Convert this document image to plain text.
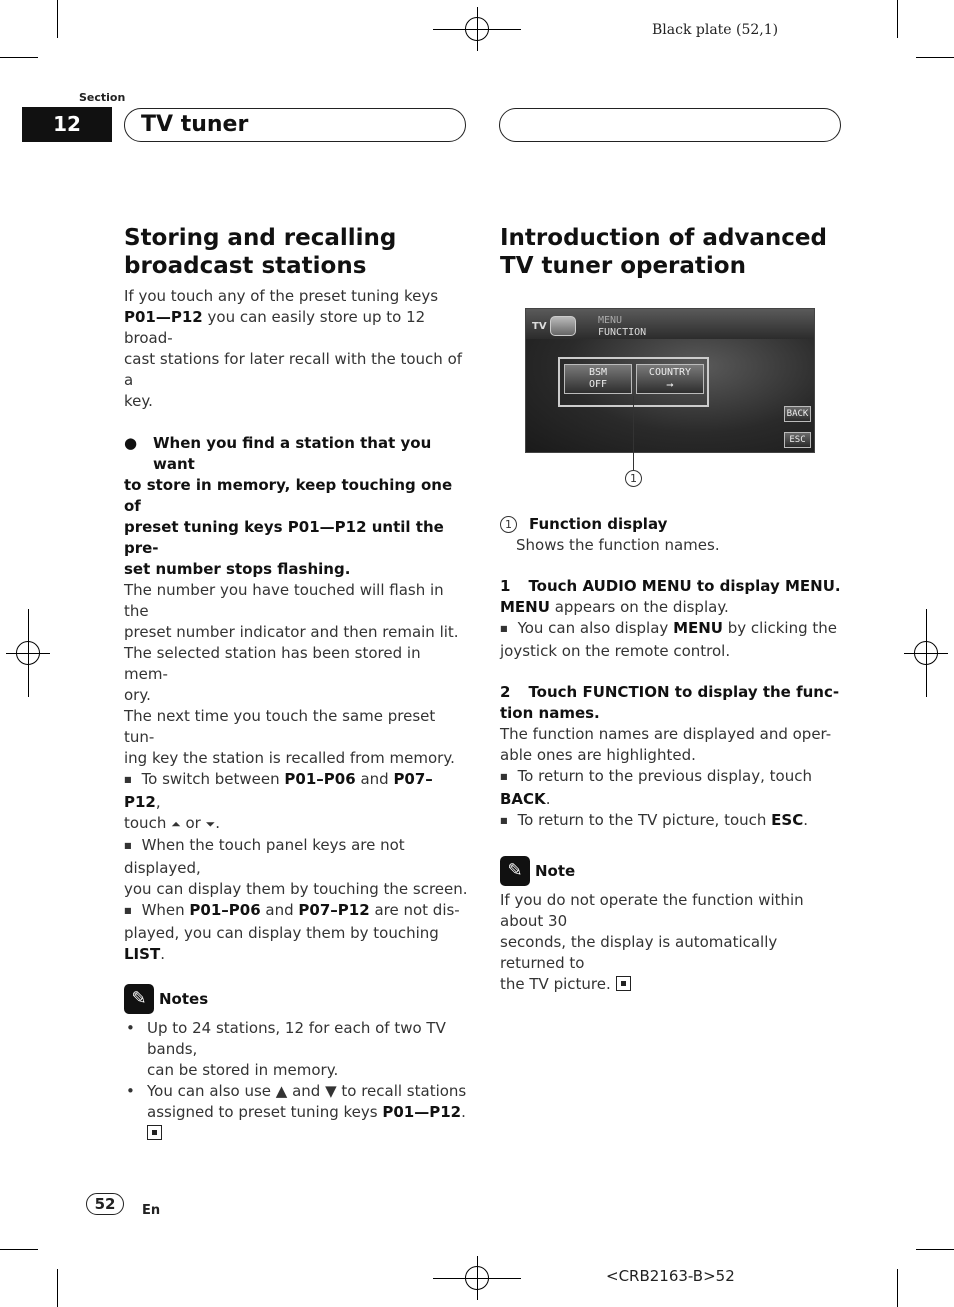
Black plate (52,1)
Section
12	TV tuner
Storing and recalling
broadcast stations
If you touch any of the preset tuning keys
P01—P12 you can easily store up to 12 broad-
cast stations for later recall with the touch of a
key.
●	When you find a station that you want
to store in memory, keep touching one of
preset tuning keys P01—P12 until the pre-
set number stops flashing.
The number you have touched will flash in the
preset number indicator and then remain lit.
The selected station has been stored in mem-
ory.
The next time you touch the same preset tun-
ing key the station is recalled from memory.
■ To switch between P01–P06 and P07–P12,
touch ⏶ or ⏷.
■ When the touch panel keys are not displayed,
you can display them by touching the screen.
■ When P01–P06 and P07–P12 are not dis-
played, you can display them by touching LIST.
✎ Notes
• Up to 24 stations, 12 for each of two TV bands,
can be stored in memory.
• You can also use ▲ and ▼ to recall stations
assigned to preset tuning keys P01—P12.
Introduction of advanced
TV tuner operation
TV
MENU
FUNCTION
BSM
OFF
COUNTRY
➞
BACK
ESC
1
1	Function display
Shows the function names.
1 Touch AUDIO MENU to display MENU.
MENU appears on the display.
■ You can also display MENU by clicking the
joystick on the remote control.
2 Touch FUNCTION to display the func-
tion names.
The function names are displayed and oper-
able ones are highlighted.
■ To return to the previous display, touch BACK.
■ To return to the TV picture, touch ESC.
✎ Note
If you do not operate the function within about 30
seconds, the display is automatically returned to
the TV picture.
52	En
<CRB2163-B>52
